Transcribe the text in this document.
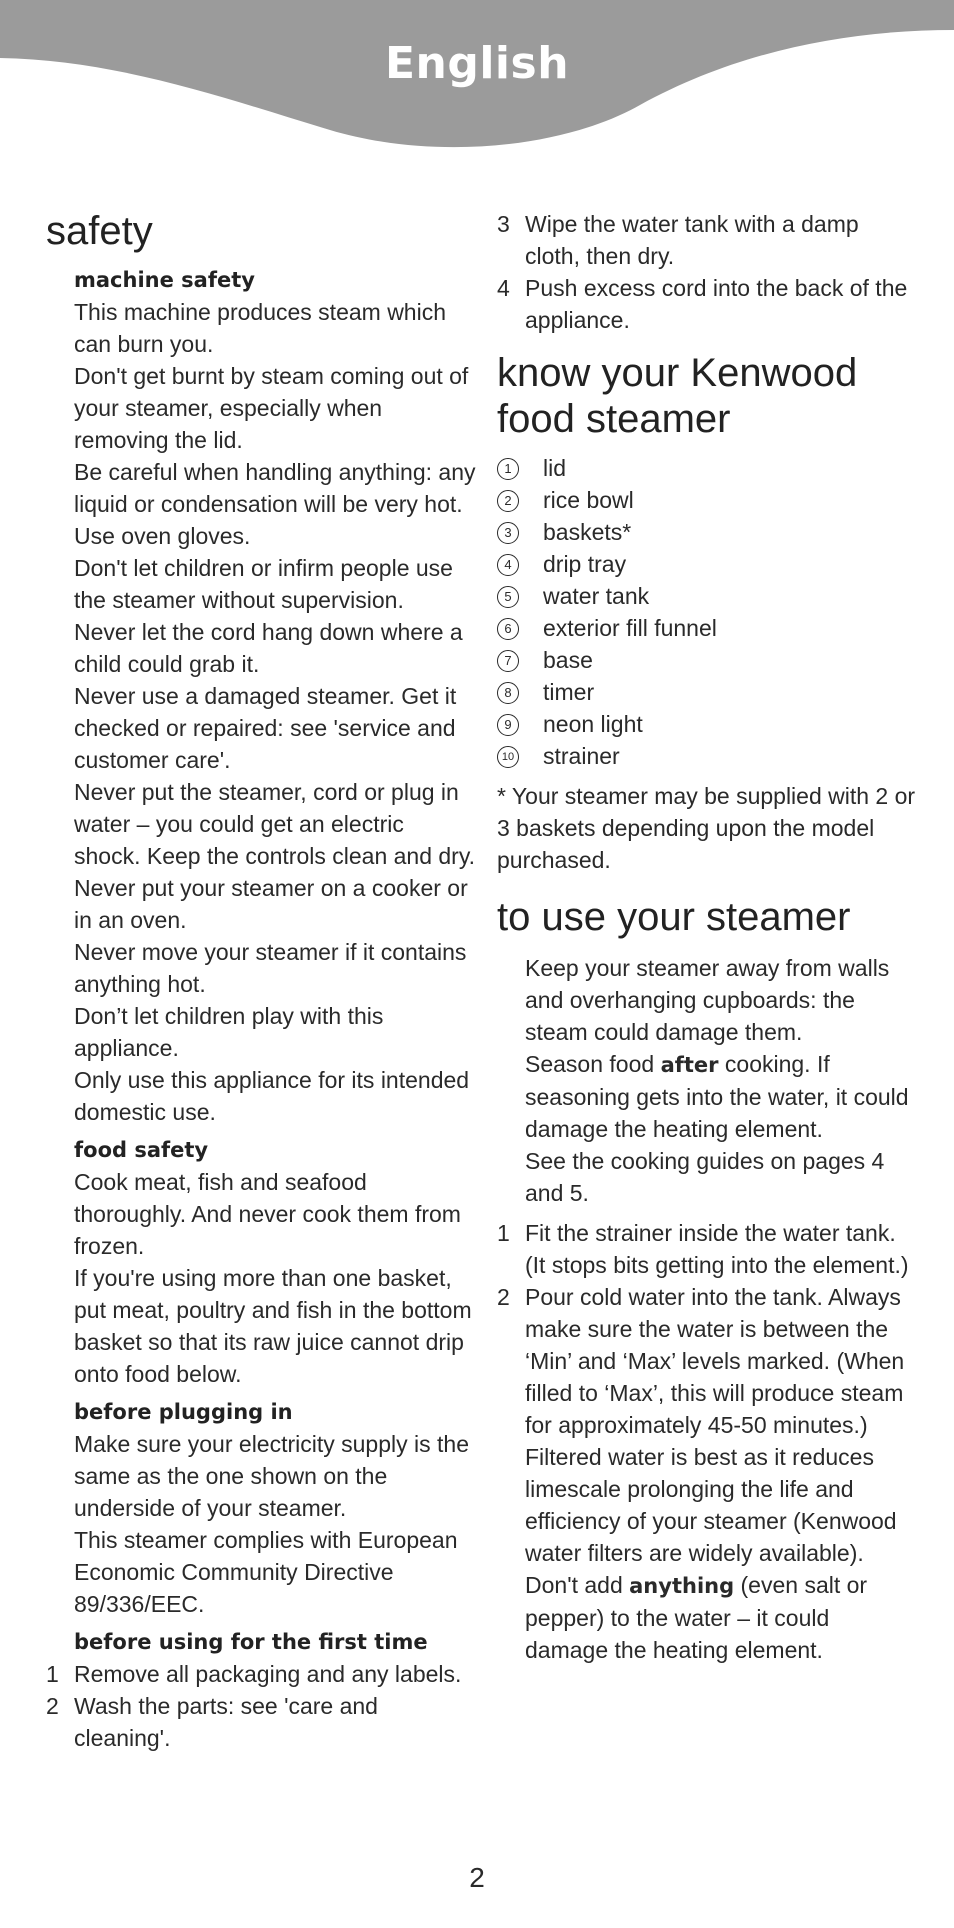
English
safety
machine safety
This machine produces steam which can burn you.
Don't get burnt by steam coming out of your steamer, especially when removing the lid.
Be careful when handling anything: any liquid or condensation will be very hot. Use oven gloves.
Don't let children or infirm people use the steamer without supervision.
Never let the cord hang down where a child could grab it.
Never use a damaged steamer. Get it checked or repaired: see 'service and customer care'.
Never put the steamer, cord or plug in water – you could get an electric shock. Keep the controls clean and dry.
Never put your steamer on a cooker or in an oven.
Never move your steamer if it contains anything hot.
Don’t let children play with this appliance.
Only use this appliance for its intended domestic use.
food safety
Cook meat, fish and seafood thoroughly. And never cook them from frozen.
If you're using more than one basket, put meat, poultry and fish in the bottom basket so that its raw juice cannot drip onto food below.
before plugging in
Make sure your electricity supply is the same as the one shown on the underside of your steamer.
This steamer complies with European Economic Community Directive 89/336/EEC.
before using for the first time
1 Remove all packaging and any labels.
2 Wash the parts: see 'care and cleaning'.
3 Wipe the water tank with a damp cloth, then dry.
4 Push excess cord into the back of the appliance.
know your Kenwood
food steamer
1	lid
2	rice bowl
3	baskets*
4	drip tray
5	water tank
6	exterior fill funnel
7	base
8	timer
9	neon light
10 strainer
* Your steamer may be supplied with 2 or 3 baskets depending upon the model purchased.
to use your steamer
Keep your steamer away from walls and overhanging cupboards: the steam could damage them.
Season food after cooking. If seasoning gets into the water, it could damage the heating element.
See the cooking guides on pages 4 and 5.
1 Fit the strainer inside the water tank. (It stops bits getting into the element.)
2 Pour cold water into the tank. Always make sure the water is between the ‘Min’ and ‘Max’ levels marked. (When filled to ‘Max’, this will produce steam for approximately 45-50 minutes.)
Filtered water is best as it reduces limescale prolonging the life and efficiency of your steamer (Kenwood water filters are widely available).
Don't add anything (even salt or pepper) to the water – it could damage the heating element.
2
